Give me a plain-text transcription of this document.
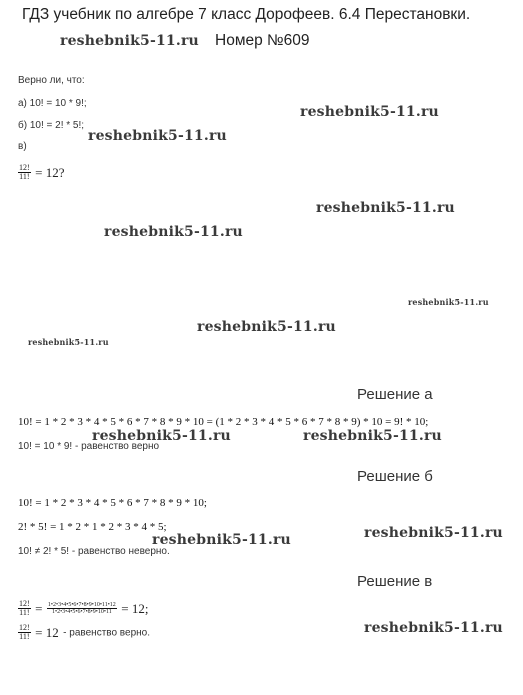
ГДЗ учебник по алгебре 7 класс Дорофеев. 6.4 Перестановки.
Номер №609
Верно ли, что:
а) 10! = 10 * 9!;
б) 10! = 2! * 5!;
в)
$\frac{12!}{11!} = 12$?
Решение а
10! = 1 * 2 * 3 * 4 * 5 * 6 * 7 * 8 * 9 * 10 = (1 * 2 * 3 * 4 * 5 * 6 * 7 * 8 * 9) * 10 = 9! * 10;
10! = 10 * 9! - равенство верно
Решение б
10! = 1 * 2 * 3 * 4 * 5 * 6 * 7 * 8 * 9 * 10;
2! * 5! = 1 * 2 * 1 * 2 * 3 * 4 * 5;
10! ≠ 2! * 5! - равенство неверно.
Решение в
$\frac{12!}{11!} = \frac{1•2•3•4•5•6•7•8•9•10•11•12}{1•2•3•4•5•6•7•8•9•10•11} = 12$;
$\frac{12!}{11!} = 12$ - равенство верно.
reshebnik5-11.ru
reshebnik5-11.ru
reshebnik5-11.ru
reshebnik5-11.ru
reshebnik5-11.ru
reshebnik5-11.ru
reshebnik5-11.ru
reshebnik5-11.ru
reshebnik5-11.ru	reshebnik5-11.ru
reshebnik5-11.ru
reshebnik5-11.ru
reshebnik5-11.ru
